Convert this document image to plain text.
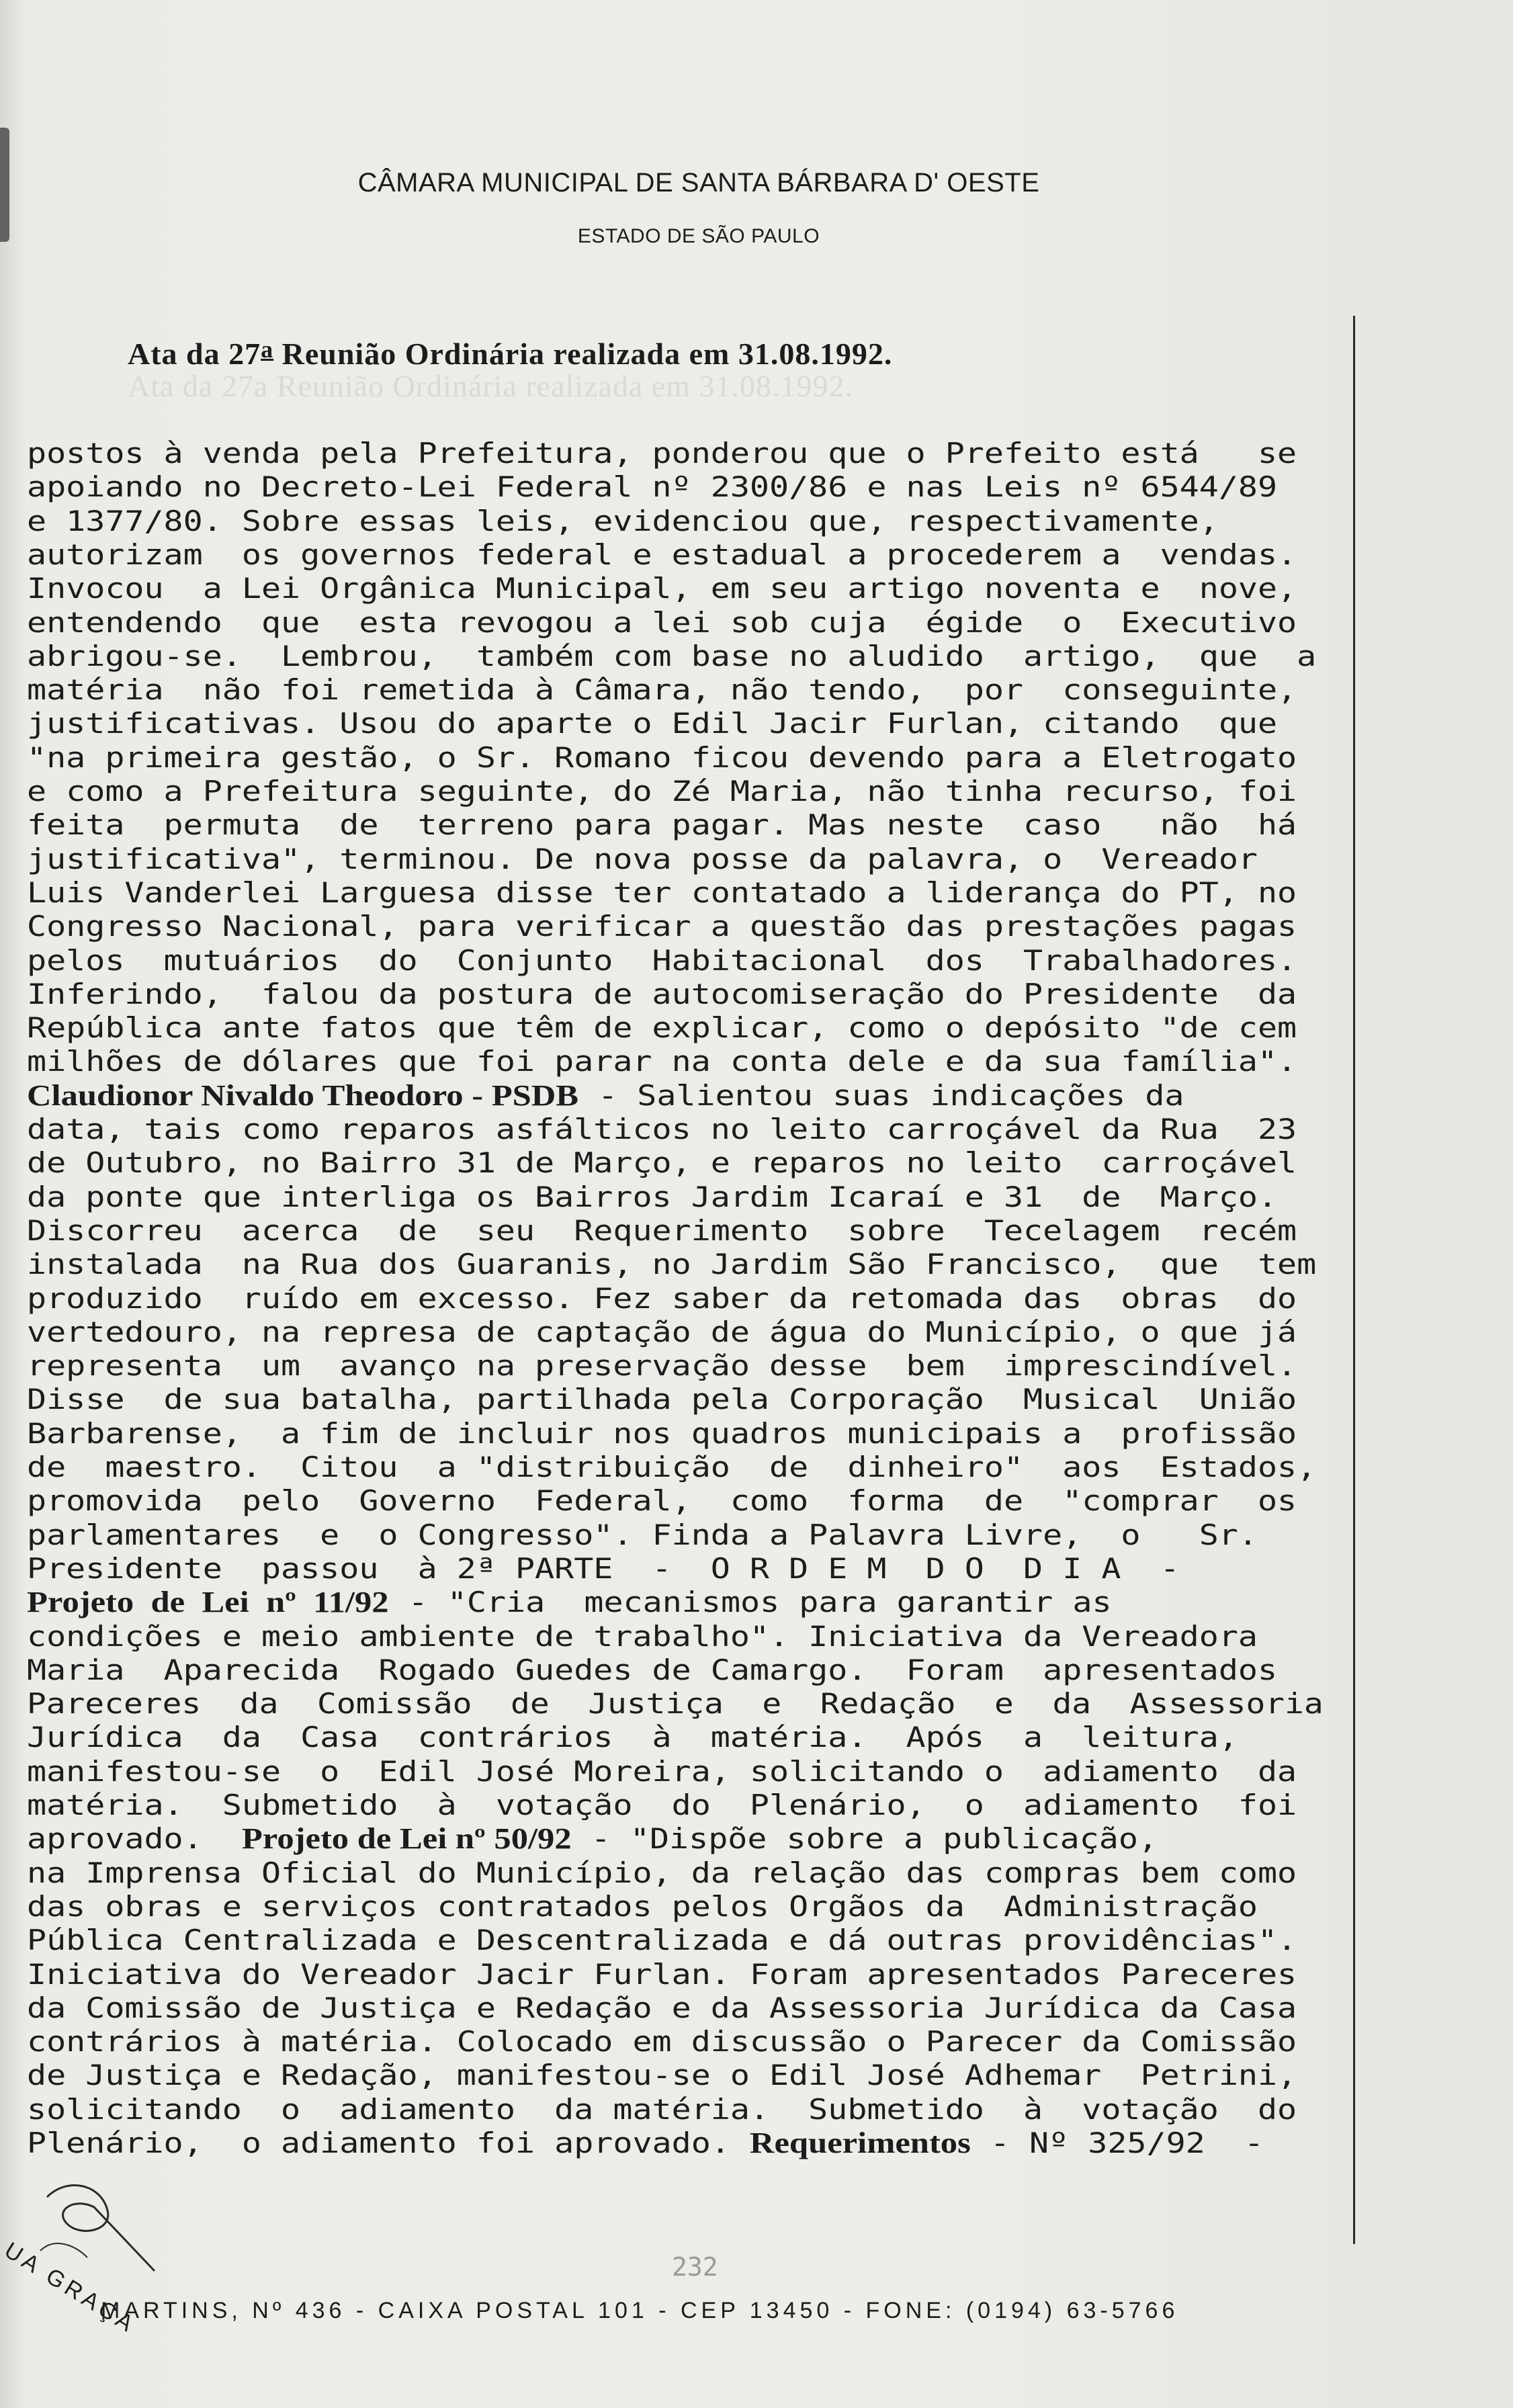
CÂMARA MUNICIPAL DE SANTA BÁRBARA D' OESTE
ESTADO DE SÃO PAULO
Ata da 27a Reunião Ordinária realizada em 31.08.1992.
Ata da 27$^a$ Reunião Ordinária realizada em 31.08.1992.
postos à venda pela Prefeitura, ponderou que o Prefeito está   se
apoiando no Decreto-Lei Federal nº 2300/86 e nas Leis nº 6544/89
e 1377/80. Sobre essas leis, evidenciou que, respectivamente,
autorizam  os governos federal e estadual a procederem a  vendas.
Invocou  a Lei Orgânica Municipal, em seu artigo noventa e  nove,
entendendo  que  esta revogou a lei sob cuja  égide  o  Executivo
abrigou-se.  Lembrou,  também com base no aludido  artigo,  que  a
matéria  não foi remetida à Câmara, não tendo,  por  conseguinte,
justificativas. Usou do aparte o Edil Jacir Furlan, citando  que
"na primeira gestão, o Sr. Romano ficou devendo para a Eletrogato
e como a Prefeitura seguinte, do Zé Maria, não tinha recurso, foi
feita  permuta  de  terreno para pagar. Mas neste  caso   não  há
justificativa", terminou. De nova posse da palavra, o  Vereador
Luis Vanderlei Larguesa disse ter contatado a liderança do PT, no
Congresso Nacional, para verificar a questão das prestações pagas
pelos  mutuários  do  Conjunto  Habitacional  dos  Trabalhadores.
Inferindo,  falou da postura de autocomiseração do Presidente  da
República ante fatos que têm de explicar, como o depósito "de cem
milhões de dólares que foi parar na conta dele e da sua família".
Claudionor Nivaldo Theodoro - PSDB - Salientou suas indicações da
data, tais como reparos asfálticos no leito carroçável da Rua  23
de Outubro, no Bairro 31 de Março, e reparos no leito  carroçável
da ponte que interliga os Bairros Jardim Icaraí e 31  de  Março.
Discorreu  acerca  de  seu  Requerimento  sobre  Tecelagem  recém
instalada  na Rua dos Guaranis, no Jardim São Francisco,  que  tem
produzido  ruído em excesso. Fez saber da retomada das  obras  do
vertedouro, na represa de captação de água do Município, o que já
representa  um  avanço na preservação desse  bem  imprescindível.
Disse  de sua batalha, partilhada pela Corporação  Musical  União
Barbarense,  a fim de incluir nos quadros municipais a  profissão
de  maestro.  Citou  a "distribuição  de  dinheiro"  aos  Estados,
promovida  pelo  Governo  Federal,  como  forma  de  "comprar  os
parlamentares  e  o Congresso". Finda a Palavra Livre,  o   Sr.
Presidente  passou  à 2ª PARTE  -  O R D E M  D O  D I A  -
Projeto  de  Lei  nº  11/92 - "Cria  mecanismos para garantir as
condições e meio ambiente de trabalho". Iniciativa da Vereadora
Maria  Aparecida  Rogado Guedes de Camargo.  Foram  apresentados
Pareceres  da  Comissão  de  Justiça  e  Redação  e  da  Assessoria
Jurídica  da  Casa  contrários  à  matéria.  Após  a  leitura,
manifestou-se  o  Edil José Moreira, solicitando o  adiamento  da
matéria.  Submetido  à  votação  do  Plenário,  o  adiamento  foi
aprovado.  Projeto de Lei nº 50/92 - "Dispõe sobre a publicação,
na Imprensa Oficial do Município, da relação das compras bem como
das obras e serviços contratados pelos Orgãos da  Administração
Pública Centralizada e Descentralizada e dá outras providências".
Iniciativa do Vereador Jacir Furlan. Foram apresentados Pareceres
da Comissão de Justiça e Redação e da Assessoria Jurídica da Casa
contrários à matéria. Colocado em discussão o Parecer da Comissão
de Justiça e Redação, manifestou-se o Edil José Adhemar  Petrini,
solicitando  o  adiamento  da matéria.  Submetido  à  votação  do
Plenário,  o adiamento foi aprovado. Requerimentos - Nº 325/92  -
232
UA GRAÇA
MARTINS, Nº 436 - CAIXA POSTAL 101 - CEP 13450 - FONE: (0194) 63-5766
